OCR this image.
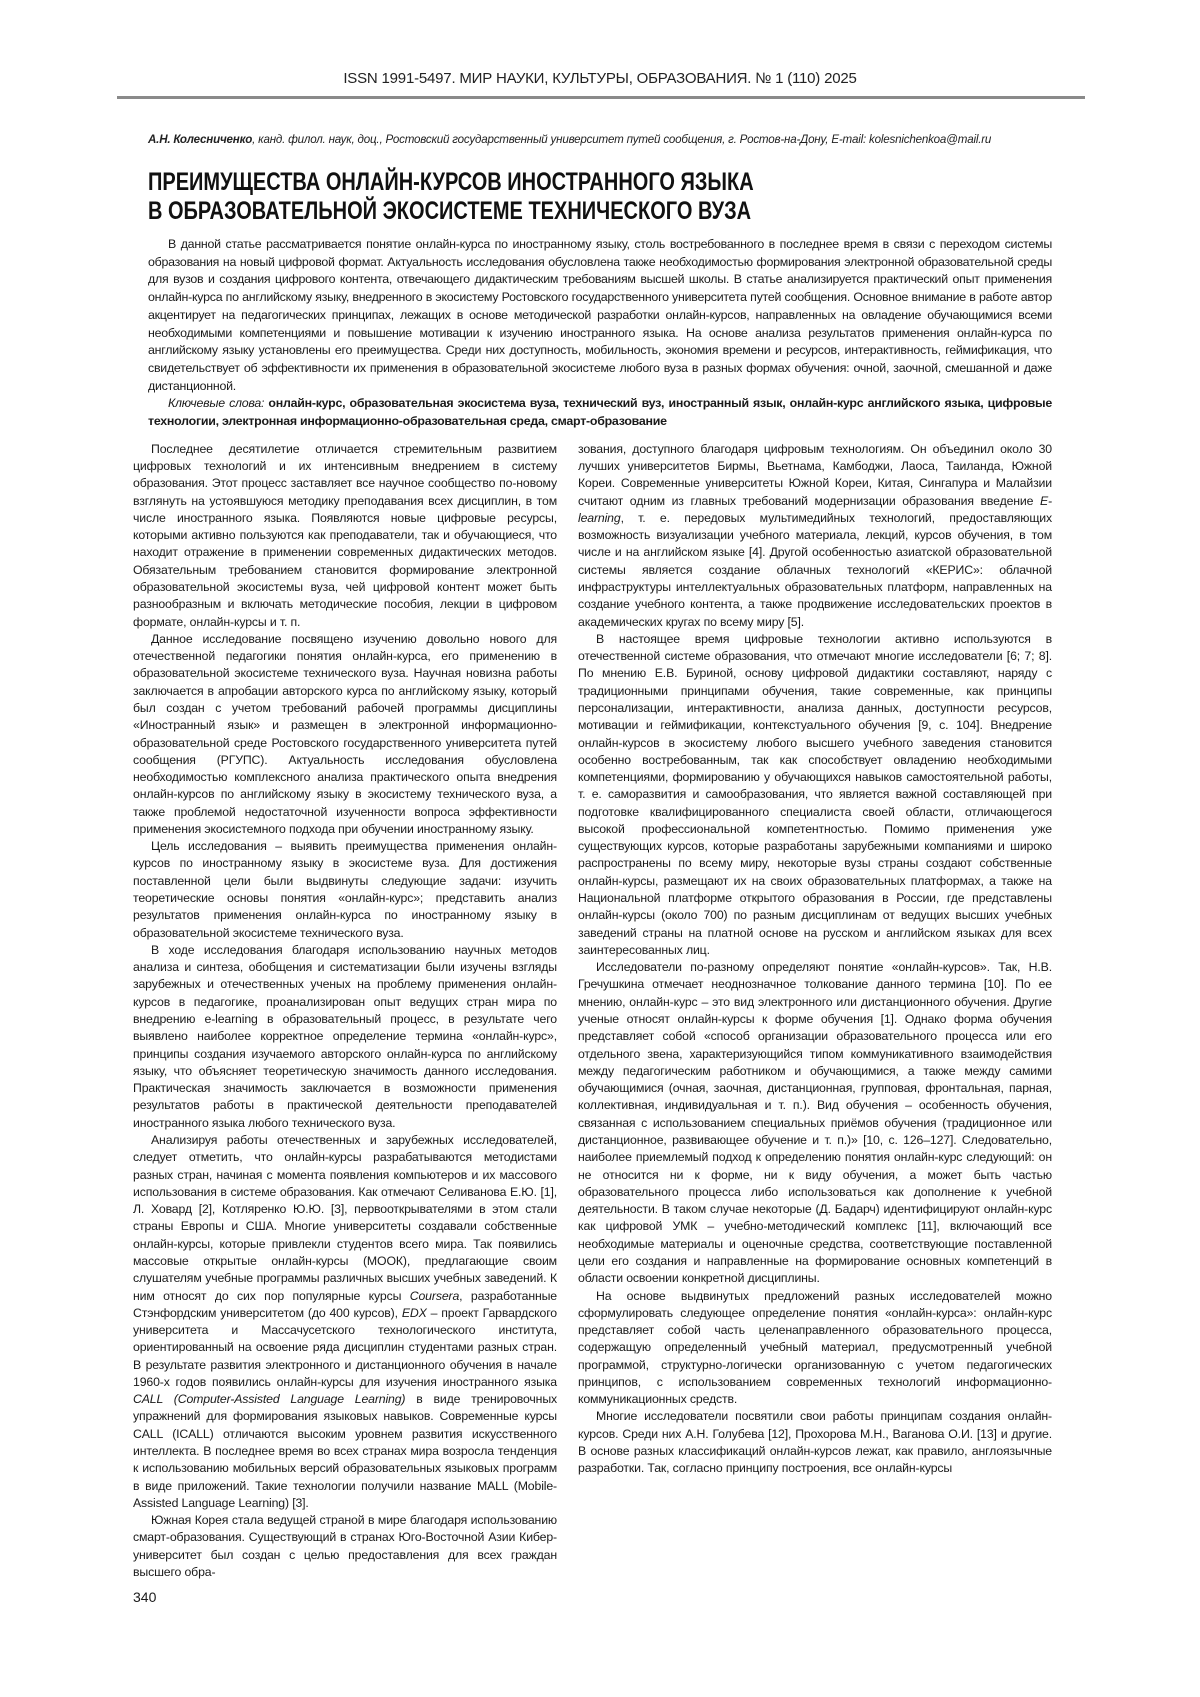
ISSN 1991-5497. МИР НАУКИ, КУЛЬТУРЫ, ОБРАЗОВАНИЯ. № 1 (110) 2025
А.Н. Колесниченко, канд. филол. наук, доц., Ростовский государственный университет путей сообщения, г. Ростов-на-Дону, E-mail: kolesnichenkoa@mail.ru
ПРЕИМУЩЕСТВА ОНЛАЙН-КУРСОВ ИНОСТРАННОГО ЯЗЫКА
В ОБРАЗОВАТЕЛЬНОЙ ЭКОСИСТЕМЕ ТЕХНИЧЕСКОГО ВУЗА

В данной статье рассматривается понятие онлайн-курса по иностранному языку, столь востребованного в последнее время в связи с переходом системы образования на новый цифровой формат. Актуальность исследования обусловлена также необходимостью формирования электронной образовательной среды для вузов и создания цифрового контента, отвечающего дидактическим требованиям высшей школы. В статье анализируется практический опыт применения онлайн-курса по английскому языку, внедренного в экосистему Ростовского государственного университета путей сообщения. Основное внимание в работе автор акцентирует на педагогических принципах, лежащих в основе методической разработки онлайн-курсов, направленных на овладение обучающимися всеми необходимыми компетенциями и повышение мотивации к изучению иностранного языка. На основе анализа результатов применения онлайн-курса по английскому языку установлены его преимущества. Среди них доступность, мобильность, экономия времени и ресурсов, интерактивность, геймификация, что свидетельствует об эффективности их применения в образовательной экосистеме любого вуза в разных формах обучения: очной, заочной, смешанной и даже дистанционной.

Ключевые слова: онлайн-курс, образовательная экосистема вуза, технический вуз, иностранный язык, онлайн-курс английского языка, цифровые технологии, электронная информационно-образовательная среда, смарт-образование

Последнее десятилетие отличается стремительным развитием цифровых технологий и их интенсивным внедрением в систему образования. Этот процесс заставляет все научное сообщество по-новому взглянуть на устоявшуюся методику преподавания всех дисциплин, в том числе иностранного языка. Появляются новые цифровые ресурсы, которыми активно пользуются как преподаватели, так и обучающиеся, что находит отражение в применении современных дидактических методов. Обязательным требованием становится формирование электронной образовательной экосистемы вуза, чей цифровой контент может быть разнообразным и включать методические пособия, лекции в цифровом формате, онлайн-курсы и т. п.

Данное исследование посвящено изучению довольно нового для отечественной педагогики понятия онлайн-курса, его применению в образовательной экосистеме технического вуза. Научная новизна работы заключается в апробации авторского курса по английскому языку, который был создан с учетом требований рабочей программы дисциплины «Иностранный язык» и размещен в электронной информационно- образовательной среде Ростовского государственного университета путей сообщения (РГУПС). Актуальность исследования обусловлена необходимостью комплексного анализа практического опыта внедрения онлайн-курсов по английскому языку в экосистему технического вуза, а также проблемой недостаточной изученности вопроса эффективности применения экосистемного подхода при обучении иностранному языку.

Цель исследования – выявить преимущества применения онлайн-курсов по иностранному языку в экосистеме вуза. Для достижения поставленной цели были выдвинуты следующие задачи: изучить теоретические основы понятия «онлайн-курс»; представить анализ результатов применения онлайн-курса по иностранному языку в образовательной экосистеме технического вуза.

В ходе исследования благодаря использованию научных методов анализа и синтеза, обобщения и систематизации были изучены взгляды зарубежных и отечественных ученых на проблему применения онлайн-курсов в педагогике, проанализирован опыт ведущих стран мира по внедрению e-learning в образовательный процесс, в результате чего выявлено наиболее корректное определение термина «онлайн-курс», принципы создания изучаемого авторского онлайн-курса по английскому языку, что объясняет теоретическую значимость данного исследования. Практическая значимость заключается в возможности применения результатов работы в практической деятельности преподавателей иностранного языка любого технического вуза.

Анализируя работы отечественных и зарубежных исследователей, следует отметить, что онлайн-курсы разрабатываются методистами разных стран, начиная с момента появления компьютеров и их массового использования в системе образования. Как отмечают Селиванова Е.Ю. [1], Л. Ховард [2], Котляренко Ю.Ю. [3], первооткрывателями в этом стали страны Европы и США. Многие университеты создавали собственные онлайн-курсы, которые привлекли студентов всего мира. Так появились массовые открытые онлайн-курсы (МООК), предлагающие своим слушателям учебные программы различных высших учебных заведений. К ним относят до сих пор популярные курсы Coursera, разработанные Стэнфордским университетом (до 400 курсов), EDX – проект Гарвардского университета и Массачусетского технологического института, ориентированный на освоение ряда дисциплин студентами разных стран. В результате развития электронного и дистанционного обучения в начале 1960-х годов появились онлайн-курсы для изучения иностранного языка CALL (Computer-Assisted Language Learning) в виде тренировочных упражнений для формирования языковых навыков. Современные курсы CALL (ICALL) отличаются высоким уровнем развития искусственного интеллекта. В последнее время во всех странах мира возросла тенденция к использованию мобильных версий образовательных языковых программ в виде приложений. Такие технологии получили название MALL (Mobile-Assisted Language Learning) [3].

Южная Корея стала ведущей страной в мире благодаря использованию смарт-образования. Существующий в странах Юго-Восточной Азии Кибер-университет был создан с целью предоставления для всех граждан высшего обра-

зования, доступного благодаря цифровым технологиям. Он объединил около 30 лучших университетов Бирмы, Вьетнама, Камбоджи, Лаоса, Таиланда, Южной Кореи. Современные университеты Южной Кореи, Китая, Сингапура и Малайзии считают одним из главных требований модернизации образования введение E-learning, т. е. передовых мультимедийных технологий, предоставляющих возможность визуализации учебного материала, лекций, курсов обучения, в том числе и на английском языке [4]. Другой особенностью азиатской образовательной системы является создание облачных технологий «КЕРИС»: облачной инфраструктуры интеллектуальных образовательных платформ, направленных на создание учебного контента, а также продвижение исследовательских проектов в академических кругах по всему миру [5].

В настоящее время цифровые технологии активно используются в отечественной системе образования, что отмечают многие исследователи [6; 7; 8]. По мнению Е.В. Буриной, основу цифровой дидактики составляют, наряду с традиционными принципами обучения, такие современные, как принципы персонализации, интерактивности, анализа данных, доступности ресурсов, мотивации и геймификации, контекстуального обучения [9, с. 104]. Внедрение онлайн-курсов в экосистему любого высшего учебного заведения становится особенно востребованным, так как способствует овладению необходимыми компетенциями, формированию у обучающихся навыков самостоятельной работы, т. е. саморазвития и самообразования, что является важной составляющей при подготовке квалифицированного специалиста своей области, отличающегося высокой профессиональной компетентностью. Помимо применения уже существующих курсов, которые разработаны зарубежными компаниями и широко распространены по всему миру, некоторые вузы страны создают собственные онлайн-курсы, размещают их на своих образовательных платформах, а также на Национальной платформе открытого образования в России, где представлены онлайн-курсы (около 700) по разным дисциплинам от ведущих высших учебных заведений страны на платной основе на русском и английском языках для всех заинтересованных лиц.

Исследователи по-разному определяют понятие «онлайн-курсов». Так, Н.В. Гречушкина отмечает неоднозначное толкование данного термина [10]. По ее мнению, онлайн-курс – это вид электронного или дистанционного обучения. Другие ученые относят онлайн-курсы к форме обучения [1]. Однако форма обучения представляет собой «способ организации образовательного процесса или его отдельного звена, характеризующийся типом коммуникативного взаимодействия между педагогическим работником и обучающимися, а также между самими обучающимися (очная, заочная, дистанционная, групповая, фронтальная, парная, коллективная, индивидуальная и т. п.). Вид обучения – особенность обучения, связанная с использованием специальных приёмов обучения (традиционное или дистанционное, развивающее обучение и т. п.)» [10, с. 126–127]. Следовательно, наиболее приемлемый подход к определению понятия онлайн-курс следующий: он не относится ни к форме, ни к виду обучения, а может быть частью образовательного процесса либо использоваться как дополнение к учебной деятельности. В таком случае некоторые (Д. Бадарч) идентифицируют онлайн-курс как цифровой УМК – учебно-методический комплекс [11], включающий все необходимые материалы и оценочные средства, соответствующие поставленной цели его создания и направленные на формирование основных компетенций в области освоении конкретной дисциплины.

На основе выдвинутых предложений разных исследователей можно сформулировать следующее определение понятия «онлайн-курса»: онлайн-курс представляет собой часть целенаправленного образовательного процесса, содержащую определенный учебный материал, предусмотренный учебной программой, структурно-логически организованную с учетом педагогических принципов, с использованием современных технологий информационно-коммуникационных средств.

Многие исследователи посвятили свои работы принципам создания онлайн-курсов. Среди них А.Н. Голубева [12], Прохорова М.Н., Ваганова О.И. [13] и другие. В основе разных классификаций онлайн-курсов лежат, как правило, англоязычные разработки. Так, согласно принципу построения, все онлайн-курсы

340
